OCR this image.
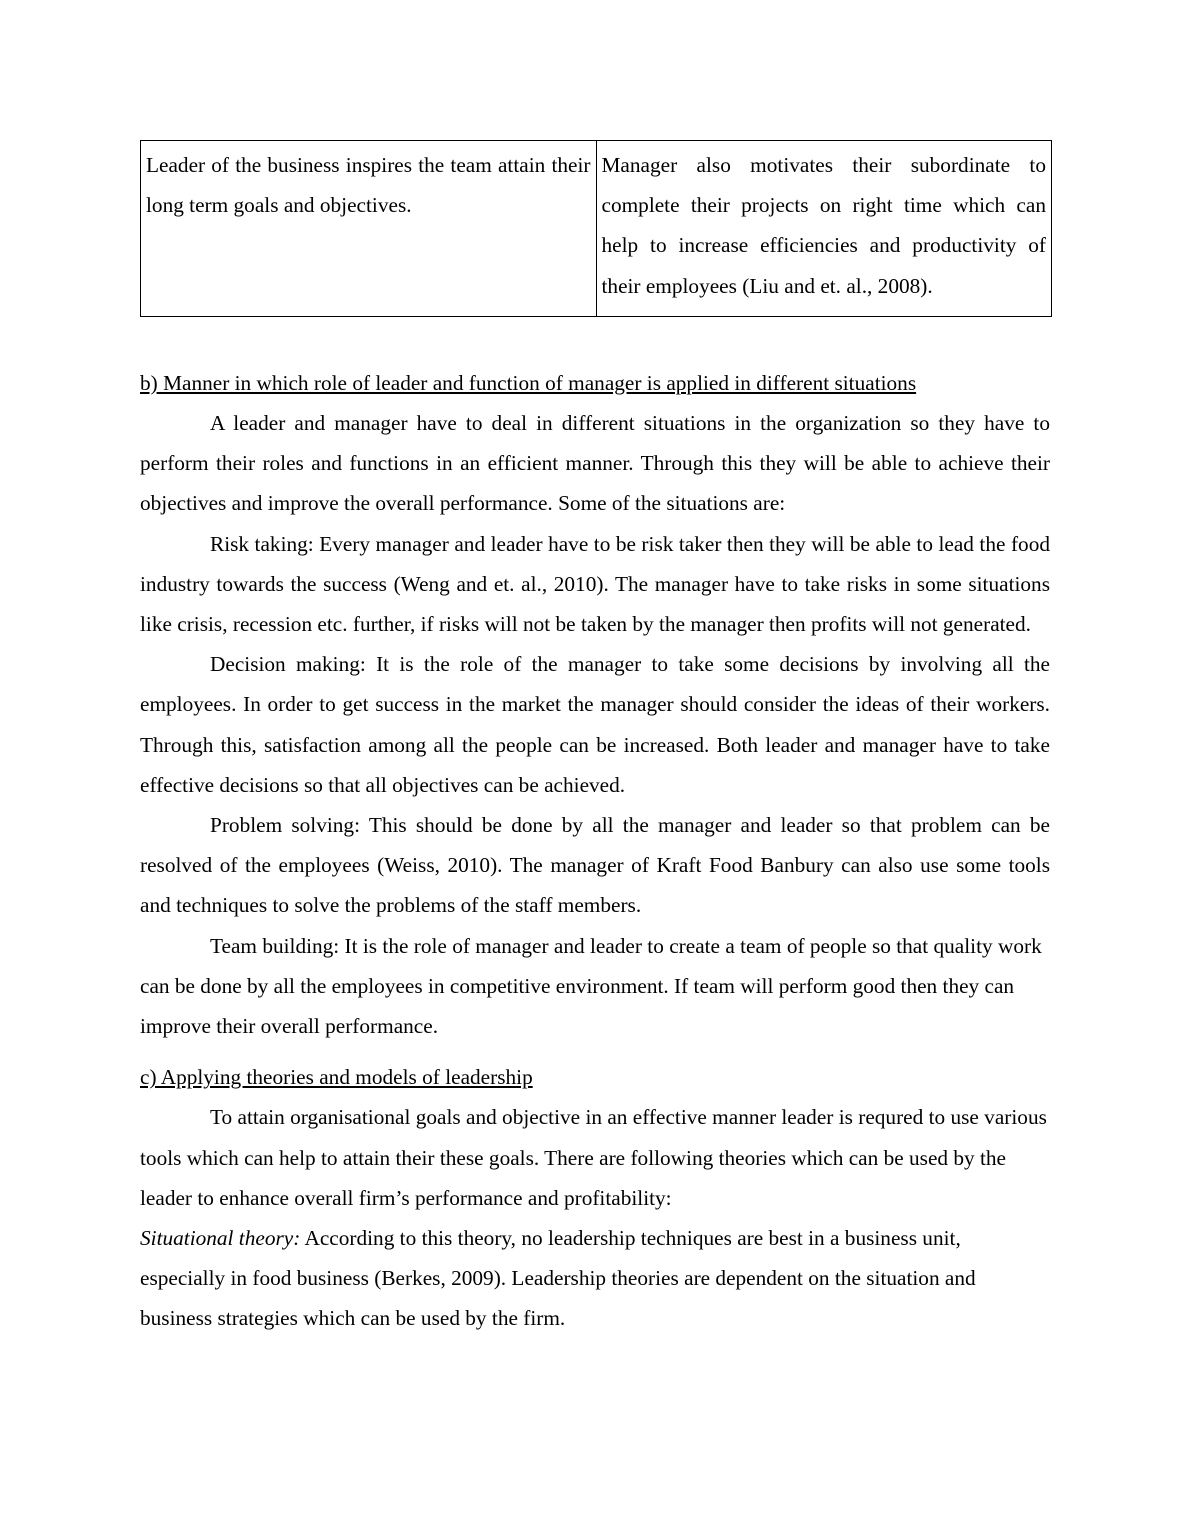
Leader of the business inspires the team attain their long term goals and objectives.	Manager also motivates their subordinate to complete their projects on right time which can help to increase efficiencies and productivity of their employees (Liu and et. al., 2008).
b) Manner in which role of leader and function of manager is applied in different situations

A leader and manager have to deal in different situations in the organization so they have to perform their roles and functions in an efficient manner. Through this they will be able to achieve their objectives and improve the overall performance. Some of the situations are:

Risk taking: Every manager and leader have to be risk taker then they will be able to lead the food industry towards the success (Weng and et. al., 2010). The manager have to take risks in some situations like crisis, recession etc. further, if risks will not be taken by the manager then profits will not generated.

Decision making: It is the role of the manager to take some decisions by involving all the employees. In order to get success in the market the manager should consider the ideas of their workers. Through this, satisfaction among all the people can be increased. Both leader and manager have to take effective decisions so that all objectives can be achieved.

Problem solving: This should be done by all the manager and leader so that problem can be resolved of the employees (Weiss, 2010). The manager of Kraft Food Banbury can also use some tools and techniques to solve the problems of the staff members.

Team building: It is the role of manager and leader to create a team of people so that quality work can be done by all the employees in competitive environment. If team will perform good then they can improve their overall performance.

c) Applying theories and models of leadership

To attain organisational goals and objective in an effective manner leader is requred to use various tools which can help to attain their these goals. There are following theories which can be used by the leader to enhance overall firm’s performance and profitability:

Situational theory: According to this theory, no leadership techniques are best in a business unit, especially in food business (Berkes, 2009). Leadership theories are dependent on the situation and business strategies which can be used by the firm.
